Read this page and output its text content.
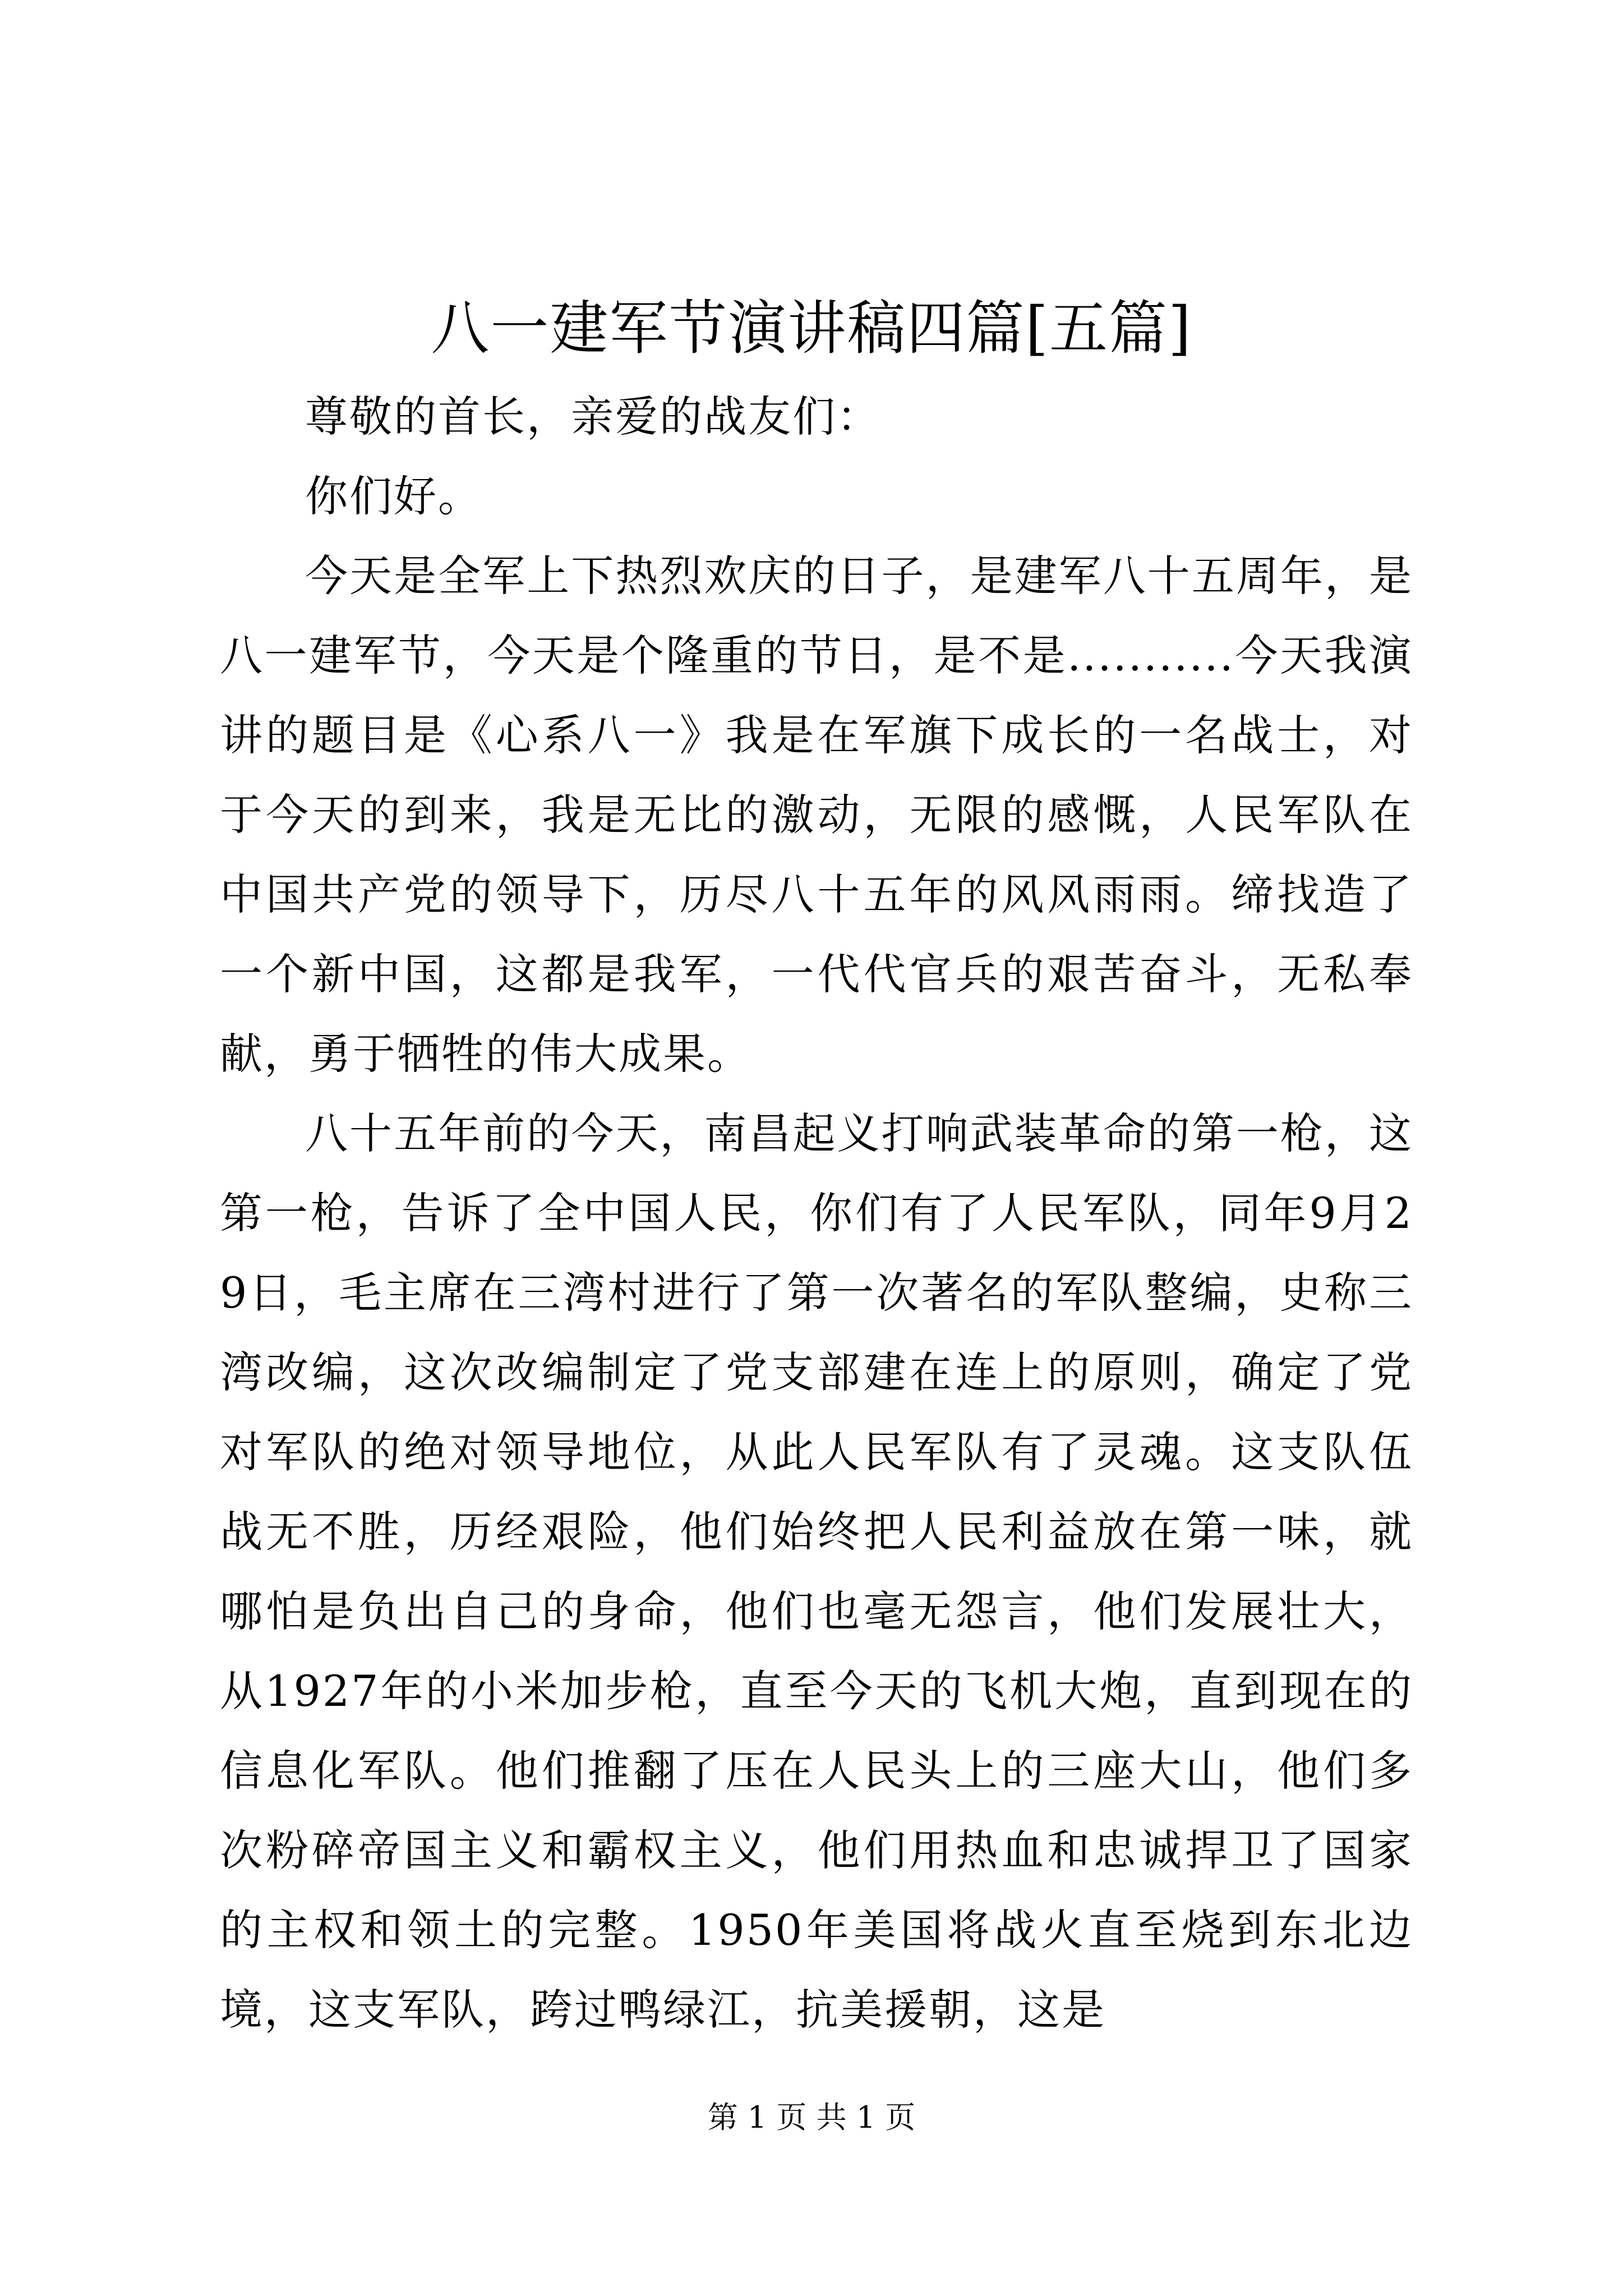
八一建军节演讲稿四篇[五篇]

尊敬的首长，亲爱的战友们：

你们好。

今天是全军上下热烈欢庆的日子，是建军八十五周年，是八一建军节，今天是个隆重的节日，是不是...........今天我演讲的题目是《心系八一》我是在军旗下成长的一名战士，对于今天的到来，我是无比的激动，无限的感慨，人民军队在中国共产党的领导下，历尽八十五年的风风雨雨。缔找造了一个新中国，这都是我军，一代代官兵的艰苦奋斗，无私奉献，勇于牺牲的伟大成果。

八十五年前的今天，南昌起义打响武装革命的第一枪，这第一枪，告诉了全中国人民，你们有了人民军队，同年9月29日，毛主席在三湾村进行了第一次著名的军队整编，史称三湾改编，这次改编制定了党支部建在连上的原则，确定了党对军队的绝对领导地位，从此人民军队有了灵魂。这支队伍战无不胜，历经艰险，他们始终把人民利益放在第一味，就哪怕是负出自己的身命，他们也毫无怨言，他们发展壮大，从1927年的小米加步枪，直至今天的飞机大炮，直到现在的信息化军队。他们推翻了压在人民头上的三座大山，他们多次粉碎帝国主义和霸权主义，他们用热血和忠诚捍卫了国家的主权和领土的完整。1950年美国将战火直至烧到东北边境，这支军队，跨过鸭绿江，抗美援朝，这是

第 1 页 共 1 页
